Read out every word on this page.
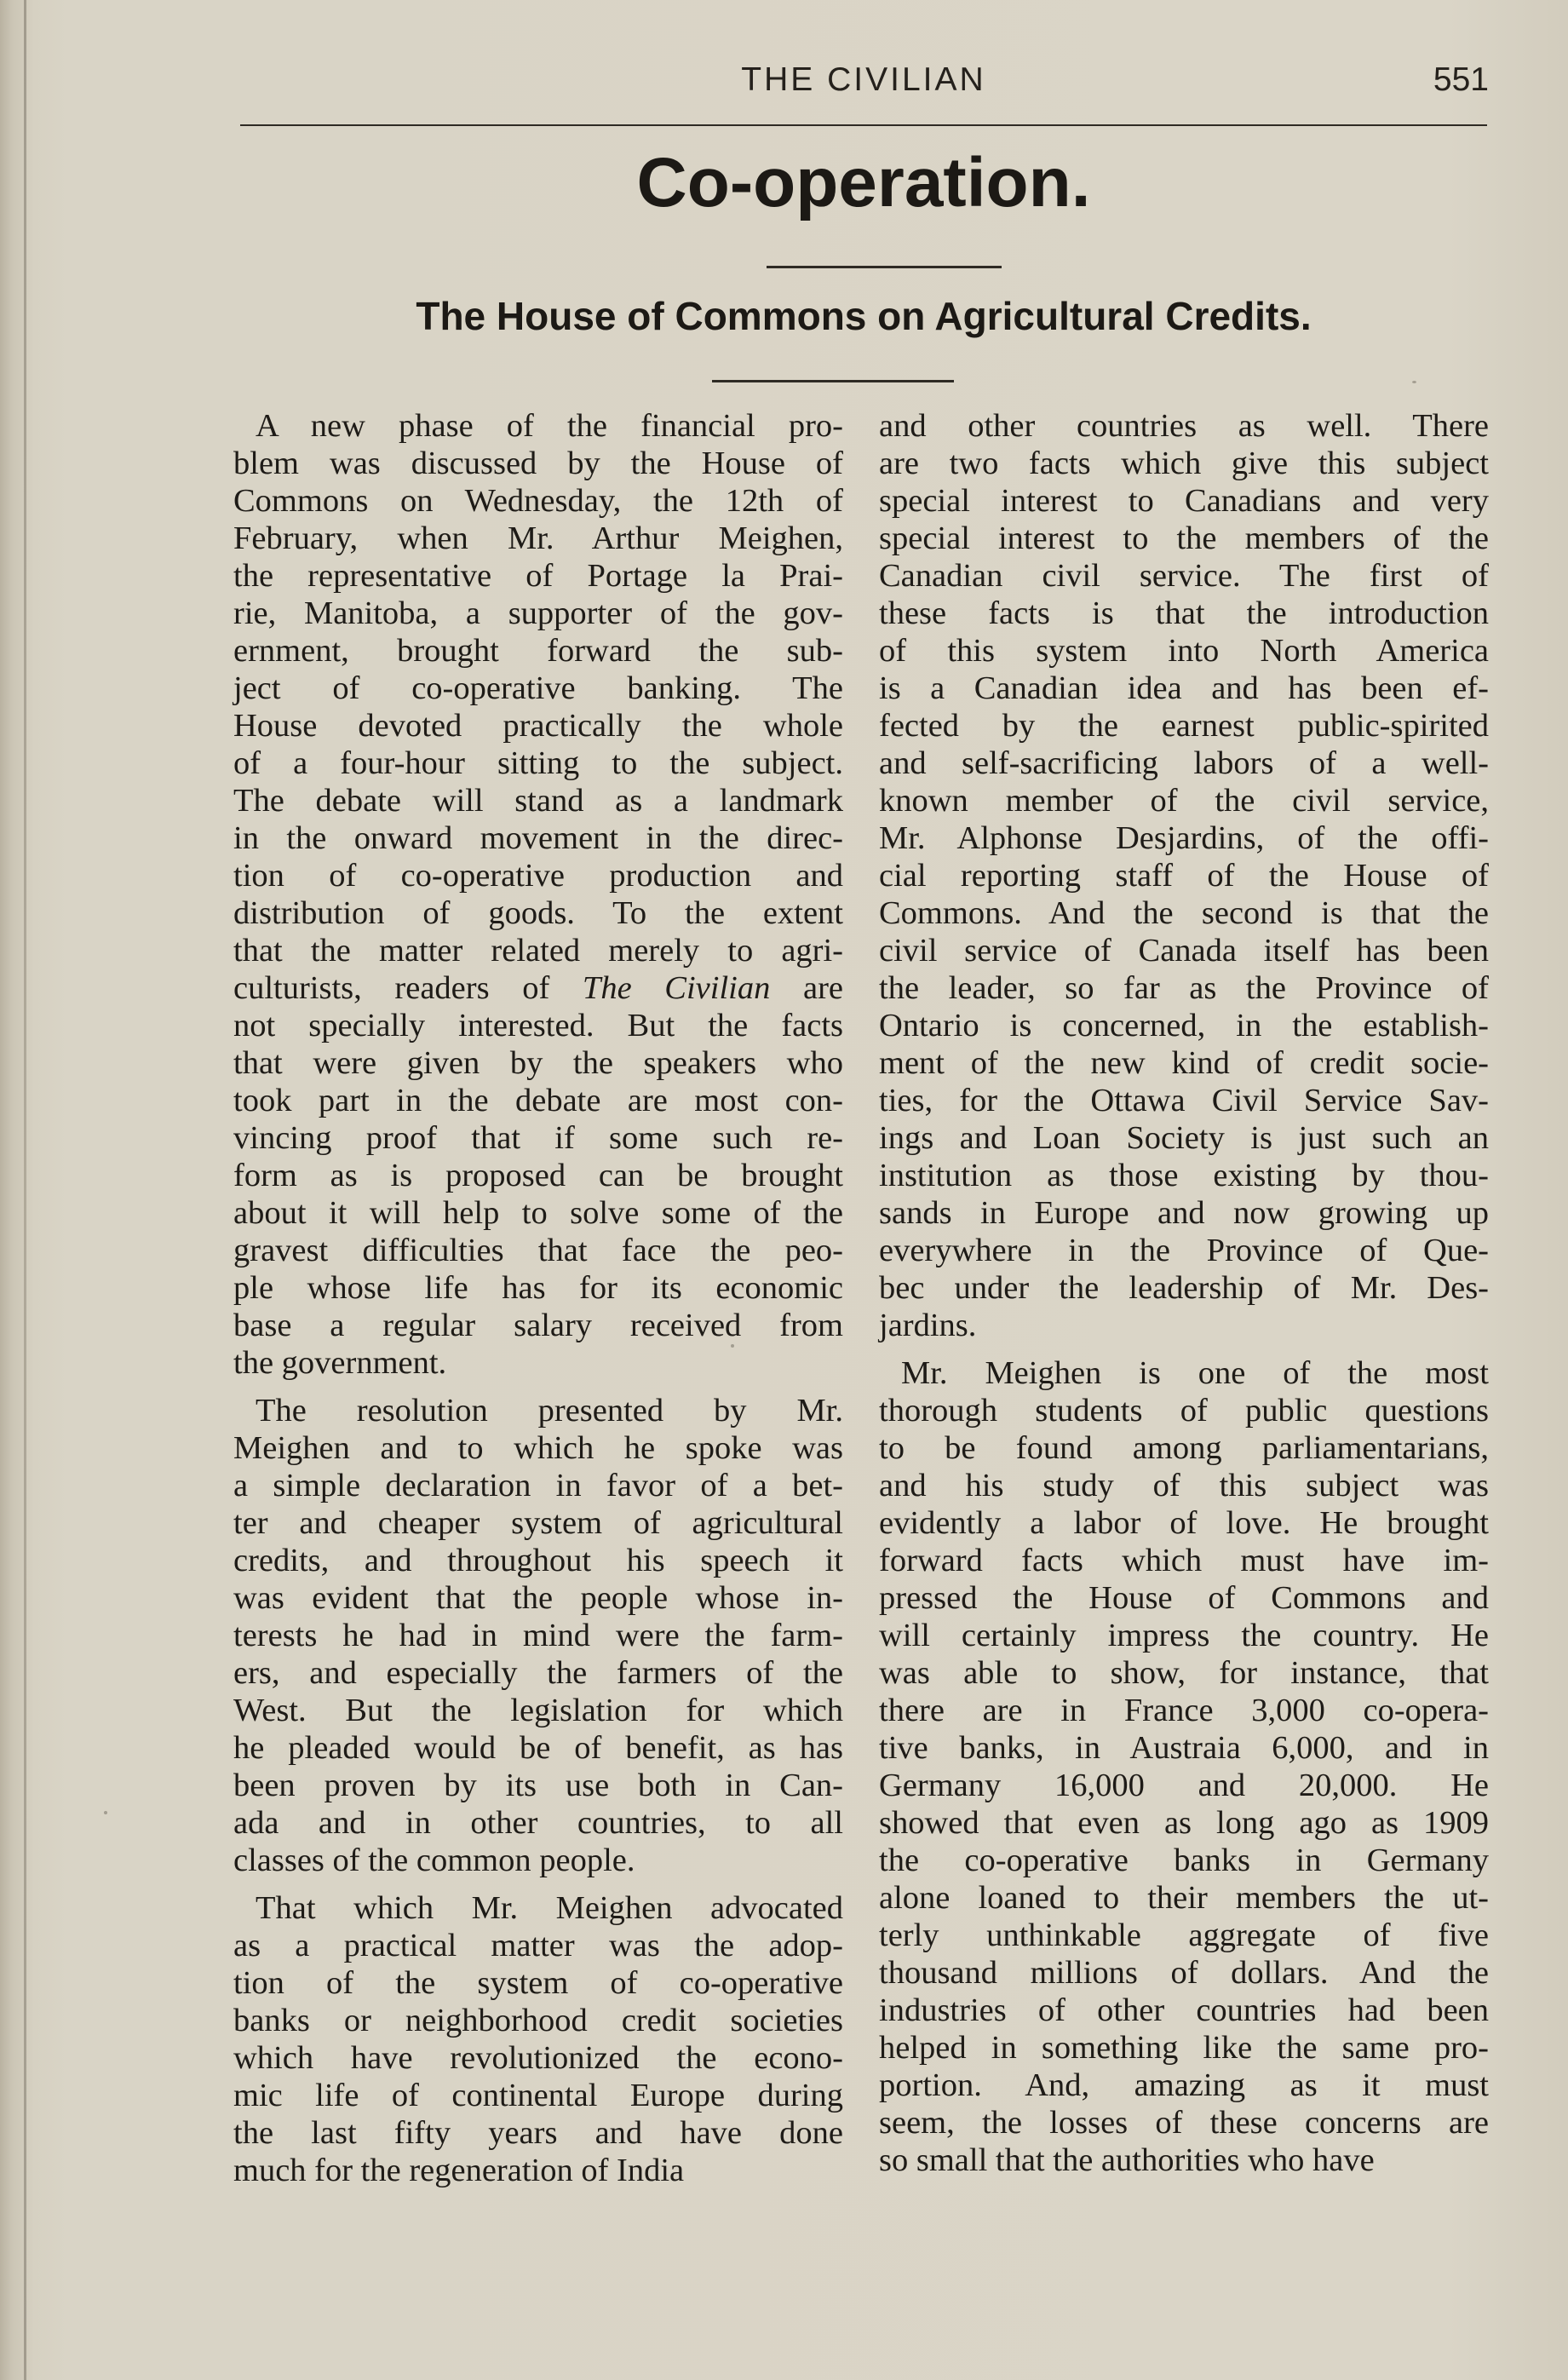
THE CIVILIAN	551
Co-operation.
The House of Commons on Agricultural Credits.
A new phase of the financial pro-
blem was discussed by the House of
Commons on Wednesday, the 12th of
February, when Mr. Arthur Meighen,
the representative of Portage la Prai-
rie, Manitoba, a supporter of the gov-
ernment, brought forward the sub-
ject of co-operative banking. The
House devoted practically the whole
of a four-hour sitting to the subject.
The debate will stand as a landmark
in the onward movement in the direc-
tion of co-operative production and
distribution of goods. To the extent
that the matter related merely to agri-
culturists, readers of The Civilian are
not specially interested. But the facts
that were given by the speakers who
took part in the debate are most con-
vincing proof that if some such re-
form as is proposed can be brought
about it will help to solve some of the
gravest difficulties that face the peo-
ple whose life has for its economic
base a regular salary received from
the government.
The resolution presented by Mr.
Meighen and to which he spoke was
a simple declaration in favor of a bet-
ter and cheaper system of agricultural
credits, and throughout his speech it
was evident that the people whose in-
terests he had in mind were the farm-
ers, and especially the farmers of the
West. But the legislation for which
he pleaded would be of benefit, as has
been proven by its use both in Can-
ada and in other countries, to all
classes of the common people.
That which Mr. Meighen advocated
as a practical matter was the adop-
tion of the system of co-operative
banks or neighborhood credit societies
which have revolutionized the econo-
mic life of continental Europe during
the last fifty years and have done
much for the regeneration of India
and other countries as well. There
are two facts which give this subject
special interest to Canadians and very
special interest to the members of the
Canadian civil service. The first of
these facts is that the introduction
of this system into North America
is a Canadian idea and has been ef-
fected by the earnest public-spirited
and self-sacrificing labors of a well-
known member of the civil service,
Mr. Alphonse Desjardins, of the offi-
cial reporting staff of the House of
Commons. And the second is that the
civil service of Canada itself has been
the leader, so far as the Province of
Ontario is concerned, in the establish-
ment of the new kind of credit socie-
ties, for the Ottawa Civil Service Sav-
ings and Loan Society is just such an
institution as those existing by thou-
sands in Europe and now growing up
everywhere in the Province of Que-
bec under the leadership of Mr. Des-
jardins.
Mr. Meighen is one of the most
thorough students of public questions
to be found among parliamentarians,
and his study of this subject was
evidently a labor of love. He brought
forward facts which must have im-
pressed the House of Commons and
will certainly impress the country. He
was able to show, for instance, that
there are in France 3,000 co-opera-
tive banks, in Austraia 6,000, and in
Germany 16,000 and 20,000. He
showed that even as long ago as 1909
the co-operative banks in Germany
alone loaned to their members the ut-
terly unthinkable aggregate of five
thousand millions of dollars. And the
industries of other countries had been
helped in something like the same pro-
portion. And, amazing as it must
seem, the losses of these concerns are
so small that the authorities who have
